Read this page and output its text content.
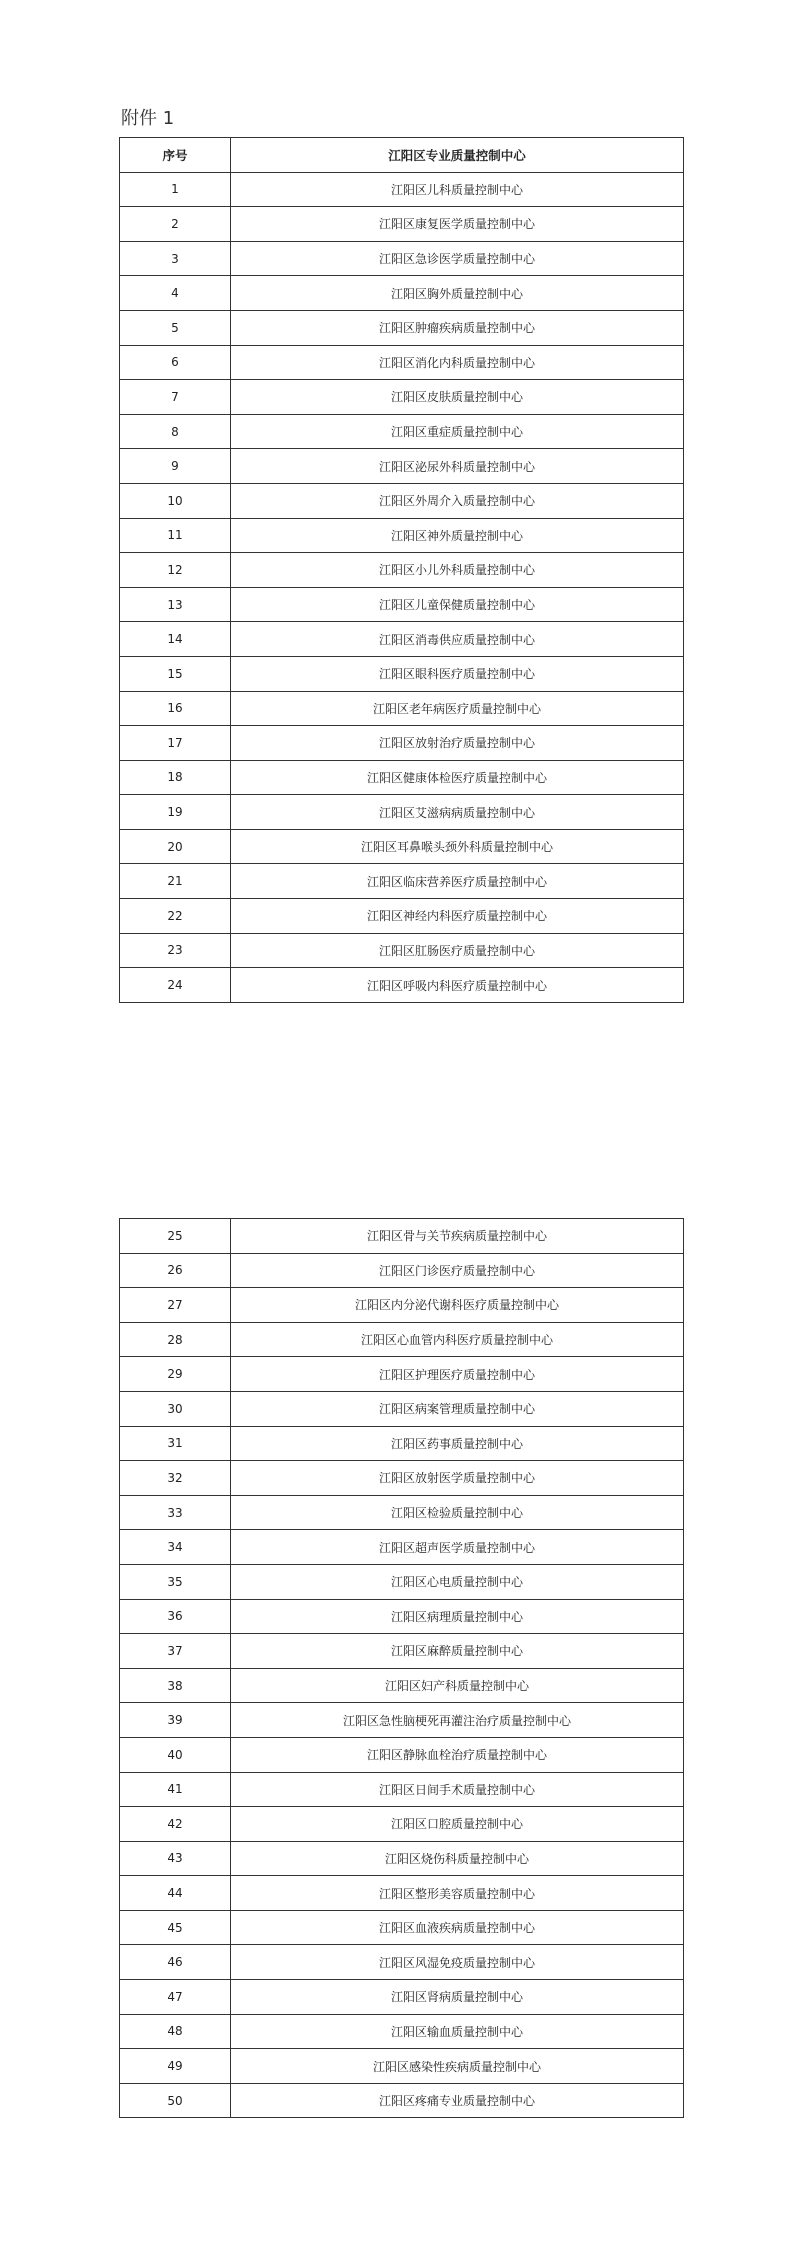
附件 1
序号	江阳区专业质量控制中心
1	江阳区儿科质量控制中心
2	江阳区康复医学质量控制中心
3	江阳区急诊医学质量控制中心
4	江阳区胸外质量控制中心
5	江阳区肿瘤疾病质量控制中心
6	江阳区消化内科质量控制中心
7	江阳区皮肤质量控制中心
8	江阳区重症质量控制中心
9	江阳区泌尿外科质量控制中心
10	江阳区外周介入质量控制中心
11	江阳区神外质量控制中心
12	江阳区小儿外科质量控制中心
13	江阳区儿童保健质量控制中心
14	江阳区消毒供应质量控制中心
15	江阳区眼科医疗质量控制中心
16	江阳区老年病医疗质量控制中心
17	江阳区放射治疗质量控制中心
18	江阳区健康体检医疗质量控制中心
19	江阳区艾滋病病质量控制中心
20	江阳区耳鼻喉头颈外科质量控制中心
21	江阳区临床营养医疗质量控制中心
22	江阳区神经内科医疗质量控制中心
23	江阳区肛肠医疗质量控制中心
24	江阳区呼吸内科医疗质量控制中心
25	江阳区骨与关节疾病质量控制中心
26	江阳区门诊医疗质量控制中心
27	江阳区内分泌代谢科医疗质量控制中心
28	江阳区心血管内科医疗质量控制中心
29	江阳区护理医疗质量控制中心
30	江阳区病案管理质量控制中心
31	江阳区药事质量控制中心
32	江阳区放射医学质量控制中心
33	江阳区检验质量控制中心
34	江阳区超声医学质量控制中心
35	江阳区心电质量控制中心
36	江阳区病理质量控制中心
37	江阳区麻醉质量控制中心
38	江阳区妇产科质量控制中心
39	江阳区急性脑梗死再灌注治疗质量控制中心
40	江阳区静脉血栓治疗质量控制中心
41	江阳区日间手术质量控制中心
42	江阳区口腔质量控制中心
43	江阳区烧伤科质量控制中心
44	江阳区整形美容质量控制中心
45	江阳区血液疾病质量控制中心
46	江阳区风湿免疫质量控制中心
47	江阳区肾病质量控制中心
48	江阳区输血质量控制中心
49	江阳区感染性疾病质量控制中心
50	江阳区疼痛专业质量控制中心
